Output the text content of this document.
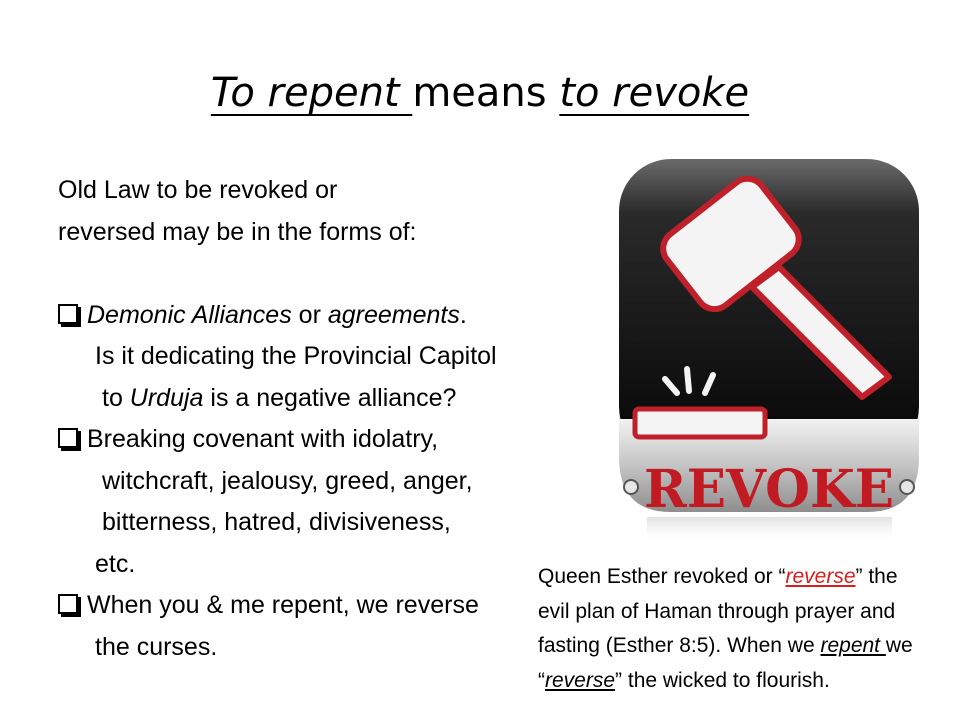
To repent means to revoke
Old Law to be revoked or
reversed may be in the forms of:
Demonic Alliances or agreements.
Is it dedicating the Provincial Capitol
to Urduja is a negative alliance?
Breaking covenant with idolatry,
witchcraft, jealousy, greed, anger,
bitterness, hatred, divisiveness,
etc.
When you & me repent, we reverse
the curses.
REVOKE
Queen Esther revoked or “reverse” the
evil plan of Haman through prayer and
fasting (Esther 8:5). When we repent we
“reverse” the wicked to flourish.
